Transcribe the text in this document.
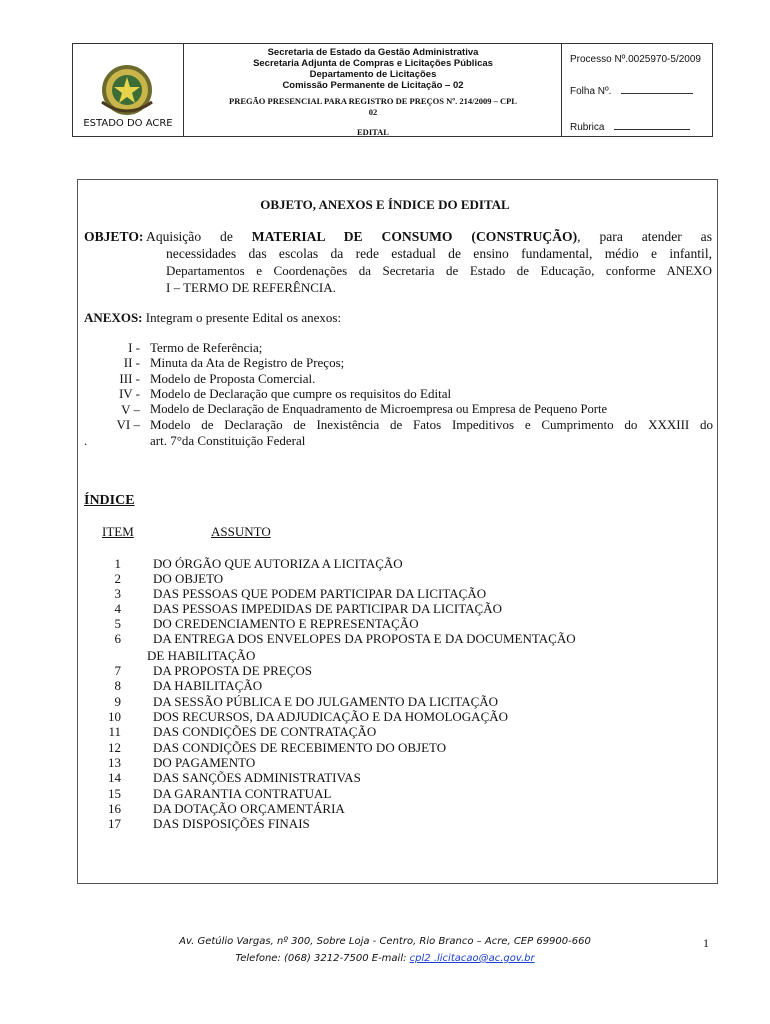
ESTADO DO ACRE
Secretaria de Estado da Gestão Administrativa
Secretaria Adjunta de Compras e Licitações Públicas
Departamento de Licitações
Comissão Permanente de Licitação – 02
PREGÃO PRESENCIAL PARA REGISTRO DE PREÇOS Nº. 214/2009 – CPL
02
EDITAL
Processo Nº.0025970-5/2009
Folha Nº.
Rubrica
OBJETO, ANEXOS E ÍNDICE DO EDITAL
OBJETO: Aquisição de MATERIAL DE CONSUMO (CONSTRUÇÃO), para atender as
necessidades das escolas da rede estadual de ensino fundamental, médio e infantil,
Departamentos e Coordenações da Secretaria de Estado de Educação, conforme ANEXO
I – TERMO DE REFERÊNCIA.
ANEXOS: Integram o presente Edital os anexos:
I - Termo de Referência;
II - Minuta da Ata de Registro de Preços;
III - Modelo de Proposta Comercial.
IV - Modelo de Declaração que cumpre os requisitos do Edital
V – Modelo de Declaração de Enquadramento de Microempresa ou Empresa de Pequeno Porte
VI – Modelo de Declaração de Inexistência de Fatos Impeditivos e Cumprimento do XXXIII do
.	art. 7°da Constituição Federal
ÍNDICE
ITEM	ASSUNTO
1 DO ÓRGÃO QUE AUTORIZA A LICITAÇÃO
2 DO OBJETO
3 DAS PESSOAS QUE PODEM PARTICIPAR DA LICITAÇÃO
4 DAS PESSOAS IMPEDIDAS DE PARTICIPAR DA LICITAÇÃO
5 DO CREDENCIAMENTO E REPRESENTAÇÃO
6 DA ENTREGA DOS ENVELOPES DA PROPOSTA E DA DOCUMENTAÇÃO
7 DA PROPOSTA DE PREÇOS
8 DA HABILITAÇÃO
9 DA SESSÃO PÚBLICA E DO JULGAMENTO DA LICITAÇÃO
10 DOS RECURSOS, DA ADJUDICAÇÃO E DA HOMOLOGAÇÃO
11 DAS CONDIÇÕES DE CONTRATAÇÃO
12 DAS CONDIÇÕES DE RECEBIMENTO DO OBJETO
13 DO PAGAMENTO
14 DAS SANÇÕES ADMINISTRATIVAS
15 DA GARANTIA CONTRATUAL
16 DA DOTAÇÃO ORÇAMENTÁRIA
17 DAS DISPOSIÇÕES FINAIS
DE HABILITAÇÃO
Av. Getúlio Vargas, nº 300, Sobre Loja - Centro, Rio Branco – Acre, CEP 69900-660
Telefone: (068) 3212-7500 E-mail: cpl2 .licitacao@ac.gov.br
1
